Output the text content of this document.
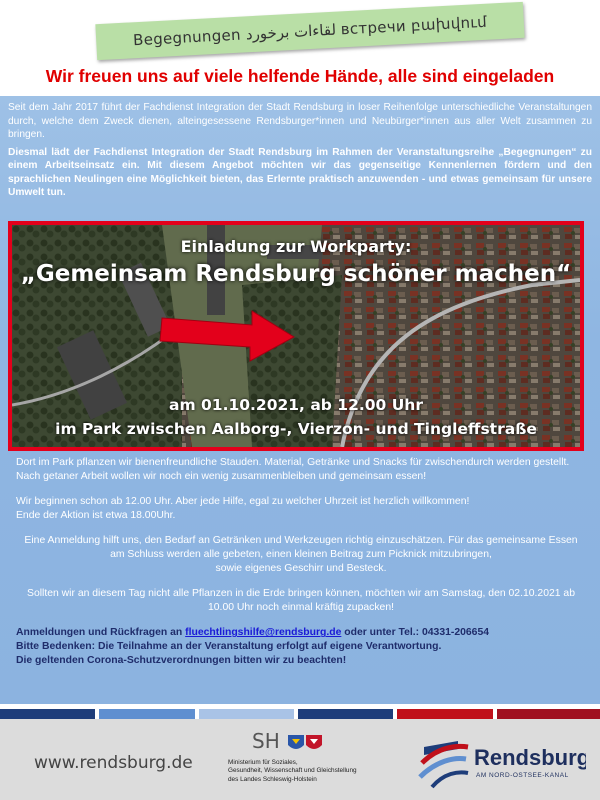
Begegnungen لقاءات برخورد встречи բախվում
Wir freuen uns auf viele helfende Hände, alle sind eingeladen

Seit dem Jahr 2017 führt der Fachdienst Integration der Stadt Rendsburg in loser Reihenfolge unterschiedliche Veranstaltungen durch, welche dem Zweck dienen, alteingesessene Rendsburger*innen und Neubürger*innen aus aller Welt zusammen zu bringen.

Diesmal lädt der Fachdienst Integration der Stadt Rendsburg im Rahmen der Veranstaltungsreihe „Begegnungen“ zu einem Arbeitseinsatz ein. Mit diesem Angebot möchten wir das gegenseitige Kennenlernen fördern und den sprachlichen Neulingen eine Möglichkeit bieten, das Erlernte praktisch anzuwenden - und etwas gemeinsam für unsere Umwelt tun.

Einladung zur Workparty:
„Gemeinsam Rendsburg schöner machen“
am 01.10.2021, ab 12.00 Uhr
im Park zwischen Aalborg-, Vierzon- und Tingleffstraße

Dort im Park pflanzen wir bienenfreundliche Stauden. Material, Getränke und Snacks für zwischendurch werden gestellt. Nach getaner Arbeit wollen wir noch ein wenig zusammenbleiben und gemeinsam essen!

Wir beginnen schon ab 12.00 Uhr. Aber jede Hilfe, egal zu welcher Uhrzeit ist herzlich willkommen!
Ende der Aktion ist etwa 18.00Uhr.

Eine Anmeldung hilft uns, den Bedarf an Getränken und Werkzeugen richtig einzuschätzen. Für das gemeinsame Essen am Schluss werden alle gebeten, einen kleinen Beitrag zum Picknick mitzubringen,
sowie eigenes Geschirr und Besteck.

Sollten wir an diesem Tag nicht alle Pflanzen in die Erde bringen können, möchten wir am Samstag, den 02.10.2021 ab 10.00 Uhr noch einmal kräftig zupacken!

Anmeldungen und Rückfragen an fluechtlingshilfe@rendsburg.de oder unter Tel.: 04331-206654

Bitte Bedenken: Die Teilnahme an der Veranstaltung erfolgt auf eigene Verantwortung.

Die geltenden Corona-Schutzverordnungen bitten wir zu beachten!

www.rendsburg.de
SH
Ministerium für Soziales,
Gesundheit, Wissenschaft und Gleichstellung
des Landes Schleswig-Holstein
Rendsburg
AM NORD-OSTSEE-KANAL
